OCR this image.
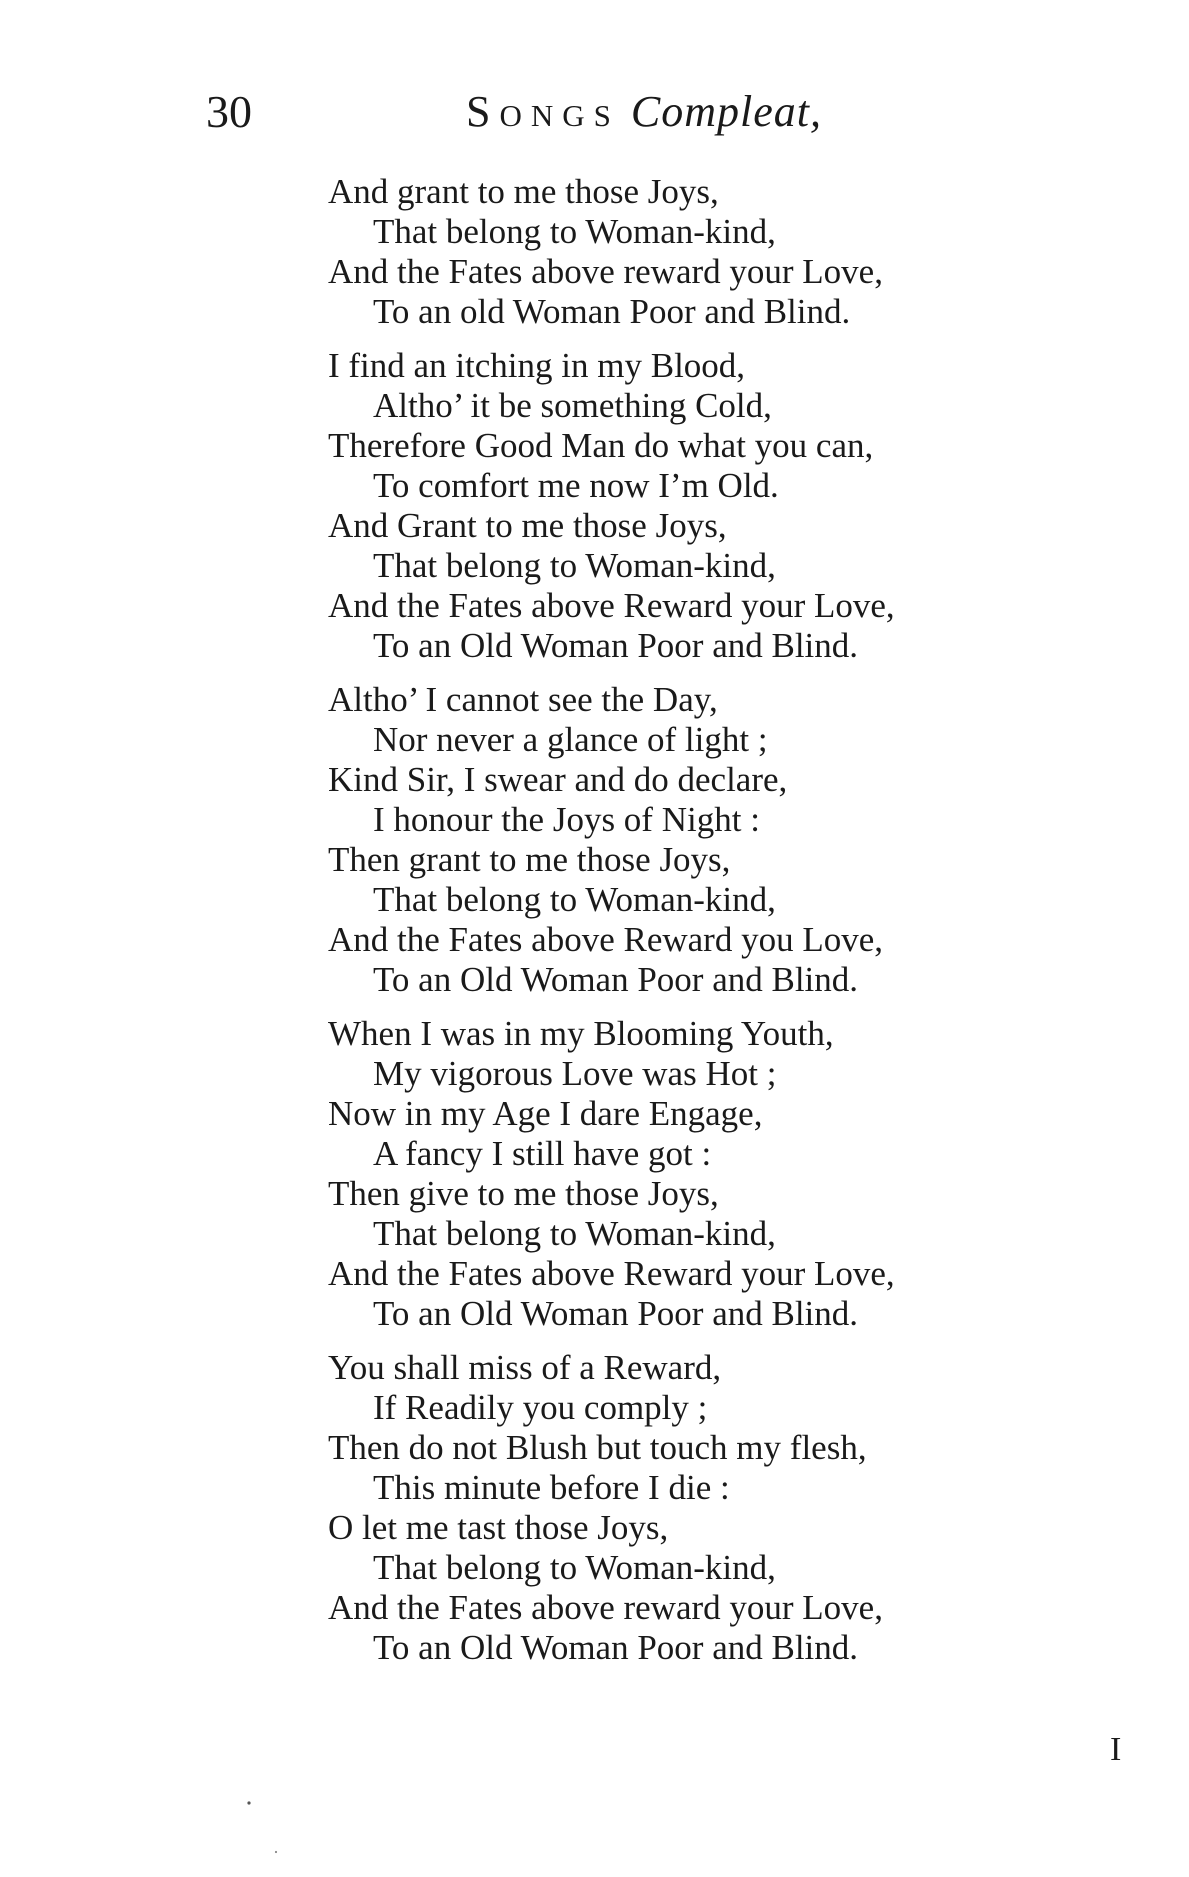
30	Songs Compleat,
And grant to me those Joys,
That belong to Woman-kind,
And the Fates above reward your Love,
To an old Woman Poor and Blind.
I find an itching in my Blood,
Altho’ it be something Cold,
Therefore Good Man do what you can,
To comfort me now I’m Old.
And Grant to me those Joys,
That belong to Woman-kind,
And the Fates above Reward your Love,
To an Old Woman Poor and Blind.
Altho’ I cannot see the Day,
Nor never a glance of light ;
Kind Sir, I swear and do declare,
I honour the Joys of Night :
Then grant to me those Joys,
That belong to Woman-kind,
And the Fates above Reward you Love,
To an Old Woman Poor and Blind.
When I was in my Blooming Youth,
My vigorous Love was Hot ;
Now in my Age I dare Engage,
A fancy I still have got :
Then give to me those Joys,
That belong to Woman-kind,
And the Fates above Reward your Love,
To an Old Woman Poor and Blind.
You shall miss of a Reward,
If Readily you comply ;
Then do not Blush but touch my flesh,
This minute before I die :
O let me tast those Joys,
That belong to Woman-kind,
And the Fates above reward your Love,
To an Old Woman Poor and Blind.
I
